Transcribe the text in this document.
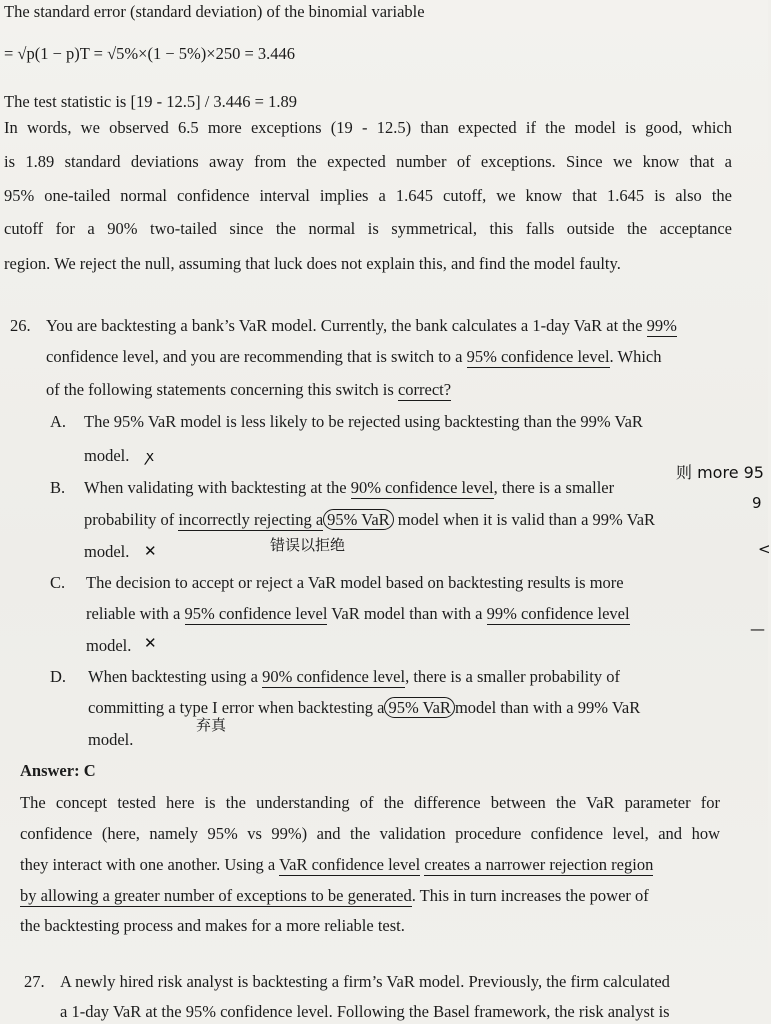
The standard error (standard deviation) of the binomial variable
= √p(1 − p)T = √5%×(1 − 5%)×250 = 3.446
The test statistic is [19 - 12.5] / 3.446 = 1.89
In words, we observed 6.5 more exceptions (19 - 12.5) than expected if the model is good, which
is 1.89 standard deviations away from the expected number of exceptions. Since we know that a
95% one-tailed normal confidence interval implies a 1.645 cutoff, we know that 1.645 is also the
cutoff for a 90% two-tailed since the normal is symmetrical, this falls outside the acceptance
region. We reject the null, assuming that luck does not explain this, and find the model faulty.
26. You are backtesting a bank’s VaR model. Currently, the bank calculates a 1-day VaR at the 99%
confidence level, and you are recommending that is switch to a 95% confidence level. Which
of the following statements concerning this switch is correct?
A. The 95% VaR model is less likely to be rejected using backtesting than the 99% VaR
model. ꭗ
B. When validating with backtesting at the 90% confidence level, there is a smaller
则 more 95
9
probability of incorrectly rejecting a 95% VaR model when it is valid than a 99% VaR
model. ✕	错误以拒绝	<
C. The decision to accept or reject a VaR model based on backtesting results is more
reliable with a 95% confidence level VaR model than with a 99% confidence level
model. ✕
—
D. When backtesting using a 90% confidence level, there is a smaller probability of
committing a type I error when backtesting a 95% VaR model than with a 99% VaR
弃真
model.
Answer: C
The concept tested here is the understanding of the difference between the VaR parameter for
confidence (here, namely 95% vs 99%) and the validation procedure confidence level, and how
they interact with one another. Using a VaR confidence level creates a narrower rejection region
by allowing a greater number of exceptions to be generated. This in turn increases the power of
the backtesting process and makes for a more reliable test.
27. A newly hired risk analyst is backtesting a firm’s VaR model. Previously, the firm calculated
a 1-day VaR at the 95% confidence level. Following the Basel framework, the risk analyst is
